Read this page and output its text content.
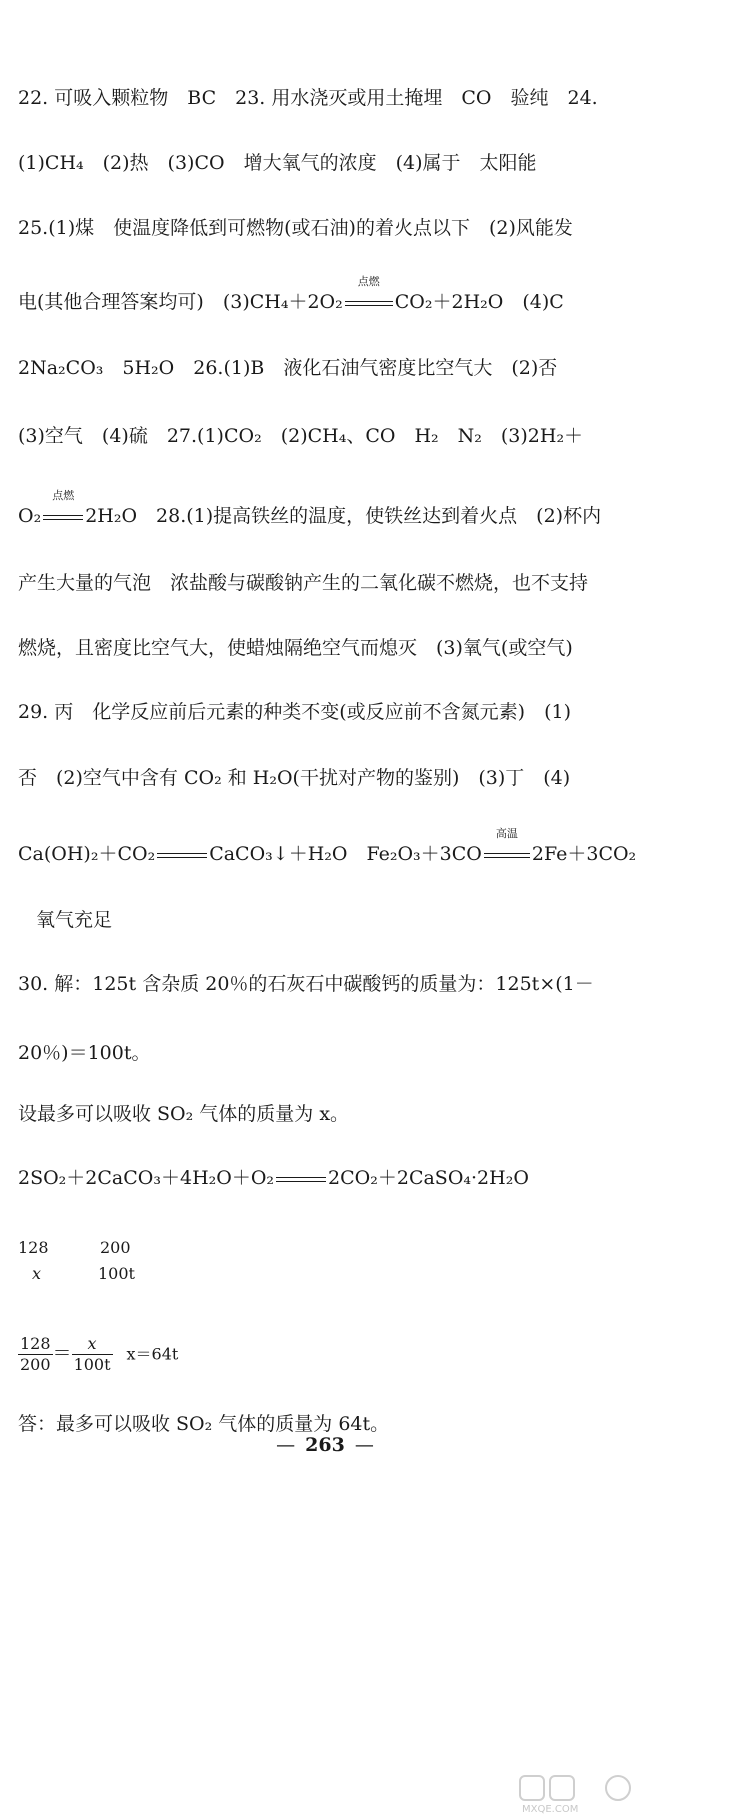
22. 可吸入颗粒物　BC　23. 用水浇灭或用土掩埋　CO　验纯　24.
(1)CH₄　(2)热　(3)CO　增大氧气的浓度　(4)属于　太阳能
25.(1)煤　使温度降低到可燃物(或石油)的着火点以下　(2)风能发
电(其他合理答案均可)　(3)CH₄＋2O₂
点燃
CO₂＋2H₂O　(4)C
2Na₂CO₃　5H₂O　26.(1)B　液化石油气密度比空气大　(2)否
(3)空气　(4)硫　27.(1)CO₂　(2)CH₄、CO　H₂　N₂　(3)2H₂＋
O₂
点燃
2H₂O　28.(1)提高铁丝的温度，使铁丝达到着火点　(2)杯内
产生大量的气泡　浓盐酸与碳酸钠产生的二氧化碳不燃烧，也不支持
燃烧，且密度比空气大，使蜡烛隔绝空气而熄灭　(3)氧气(或空气)
29. 丙　化学反应前后元素的种类不变(或反应前不含氮元素)　(1)
否　(2)空气中含有 CO₂ 和 H₂O(干扰对产物的鉴别)　(3)丁　(4)
Ca(OH)₂＋CO₂	CaCO₃↓＋H₂O　Fe₂O₃＋3CO
高温
2Fe＋3CO₂
氧气充足
30. 解：125t 含杂质 20％的石灰石中碳酸钙的质量为：125t×(1－
20％)＝100t。
设最多可以吸收 SO₂ 气体的质量为 x。
2SO₂＋2CaCO₃＋4H₂O＋O₂	2CO₂＋2CaSO₄·2H₂O
128	200
x	100t
$\frac{128}{200} = \frac{x}{100t} x=64t$
答：最多可以吸收 SO₂ 气体的质量为 64t。
— 263 —
MXQE.COM
